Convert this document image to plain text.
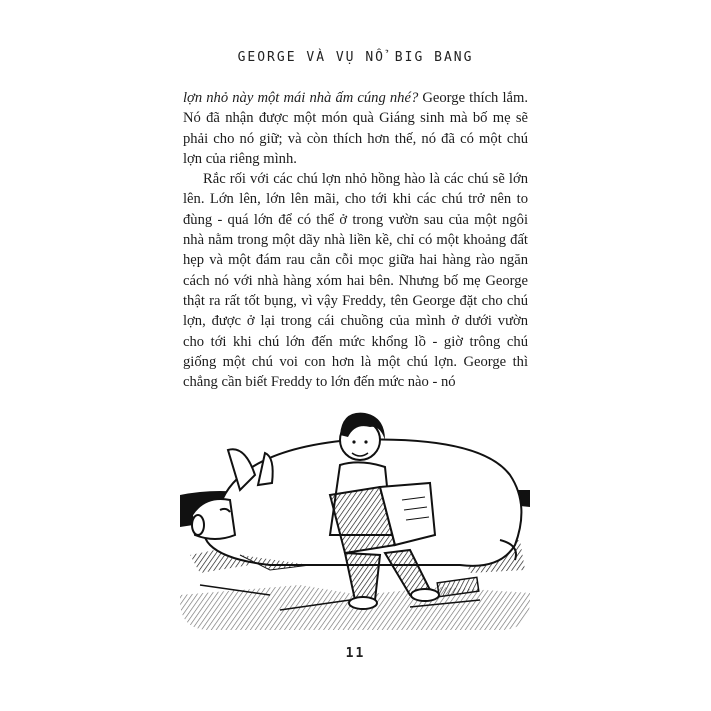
GEORGE VÀ VỤ NỔ BIG BANG

lợn nhỏ này một mái nhà ấm cúng nhé? George thích lắm. Nó đã nhận được một món quà Giáng sinh mà bố mẹ sẽ phải cho nó giữ; và còn thích hơn thế, nó đã có một chú lợn của riêng mình.

Rắc rối với các chú lợn nhỏ hồng hào là các chú sẽ lớn lên. Lớn lên, lớn lên mãi, cho tới khi các chú trở nên to đùng - quá lớn để có thể ở trong vườn sau của một ngôi nhà nằm trong một dãy nhà liền kề, chỉ có một khoảng đất hẹp và một đám rau cằn cỗi mọc giữa hai hàng rào ngăn cách nó với nhà hàng xóm hai bên. Nhưng bố mẹ George thật ra rất tốt bụng, vì vậy Freddy, tên George đặt cho chú lợn, được ở lại trong cái chuồng của mình ở dưới vườn cho tới khi chú lớn đến mức khổng lồ - giờ trông chú giống một chú voi con hơn là một chú lợn. George thì chẳng cần biết Freddy to lớn đến mức nào - nó

11
